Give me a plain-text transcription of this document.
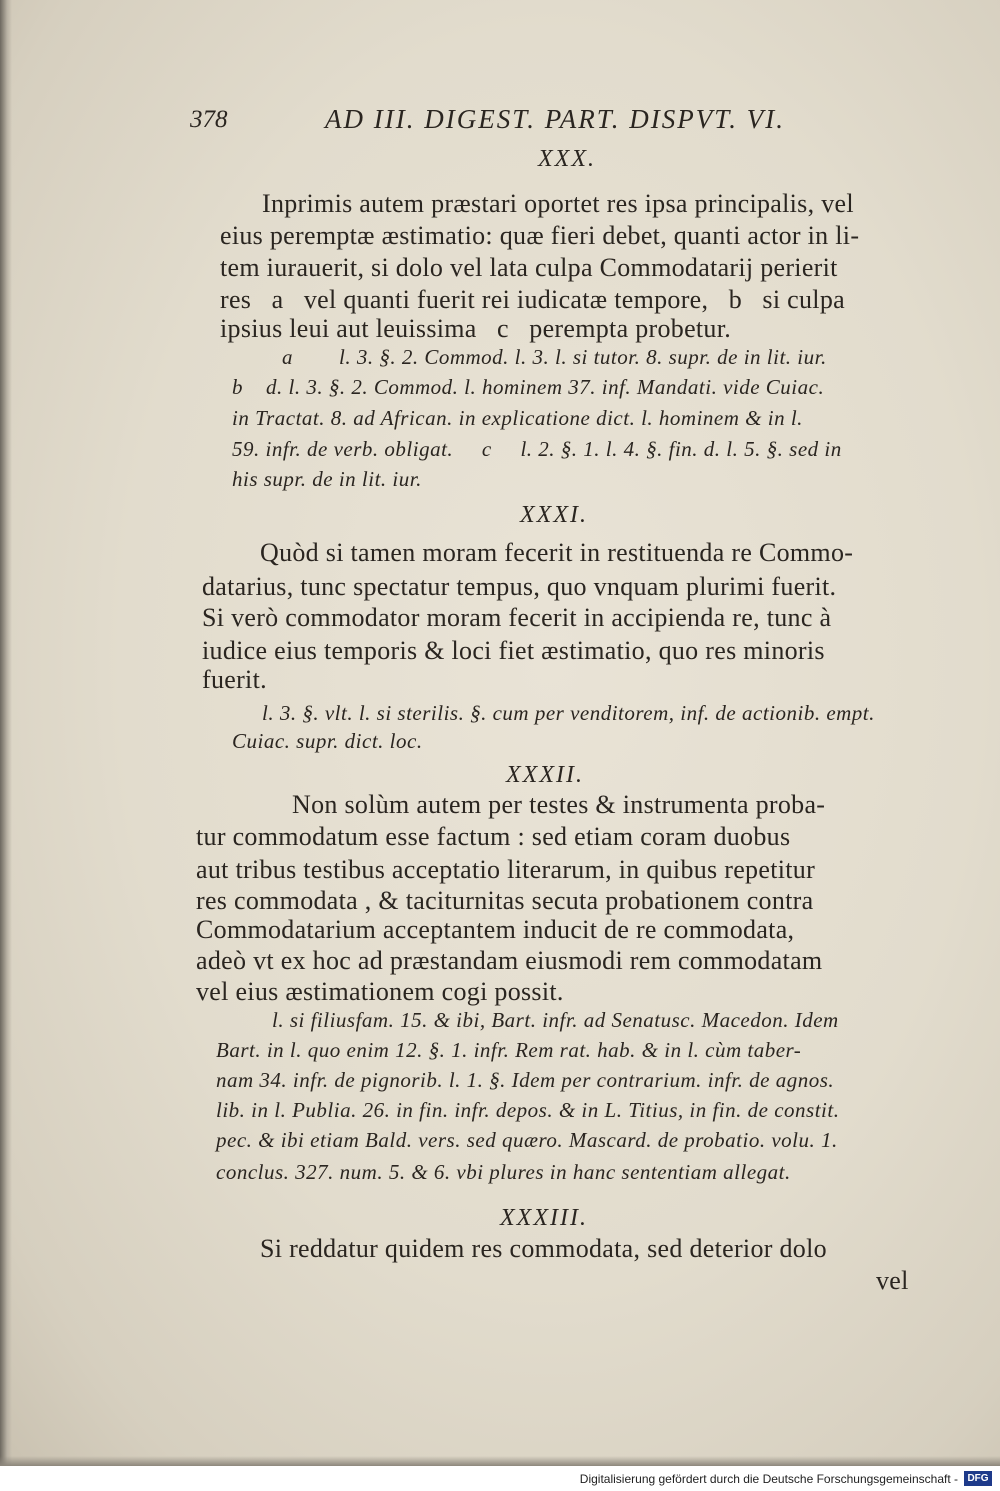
378	AD III. DIGEST. PART. DISPVT. VI.
XXX.
Inprimis autem præstari oportet res ipsa principalis, vel
eius peremptæ æstimatio: quæ fieri debet, quanti actor in li-
tem iurauerit, si dolo vel lata culpa Commodatarij perierit
res   a   vel quanti fuerit rei iudicatæ tempore,   b   si culpa
ipsius leui aut leuissima   c   perempta probetur.
a        l. 3. §. 2. Commod. l. 3. l. si tutor. 8. supr. de in lit. iur.
b    d. l. 3. §. 2. Commod. l. hominem 37. inf. Mandati. vide Cuiac.
in Tractat. 8. ad African. in explicatione dict. l. hominem & in l.
59. infr. de verb. obligat.     c     l. 2. §. 1. l. 4. §. fin. d. l. 5. §. sed in
his supr. de in lit. iur.
XXXI.
Quòd si tamen moram fecerit in restituenda re Commo-
datarius, tunc spectatur tempus, quo vnquam plurimi fuerit.
Si verò commodator moram fecerit in accipienda re, tunc à
iudice eius temporis & loci fiet æstimatio, quo res minoris
fuerit.
l. 3. §. vlt. l. si sterilis. §. cum per venditorem, inf. de actionib. empt.
Cuiac. supr. dict. loc.
XXXII.
Non solùm autem per testes & instrumenta proba-
tur commodatum esse factum : sed etiam coram duobus
aut tribus testibus acceptatio literarum, in quibus repetitur
res commodata , & taciturnitas secuta probationem contra
Commodatarium acceptantem inducit de re commodata,
adeò vt ex hoc ad præstandam eiusmodi rem commodatam
vel eius æstimationem cogi possit.
l. si filiusfam. 15. & ibi, Bart. infr. ad Senatusc. Macedon. Idem
Bart. in l. quo enim 12. §. 1. infr. Rem rat. hab. & in l. cùm taber-
nam 34. infr. de pignorib. l. 1. §. Idem per contrarium. infr. de agnos.
lib. in l. Publia. 26. in fin. infr. depos. & in L. Titius, in fin. de constit.
pec. & ibi etiam Bald. vers. sed quæro. Mascard. de probatio. volu. 1.
conclus. 327. num. 5. & 6. vbi plures in hanc sententiam allegat.
XXXIII.
Si reddatur quidem res commodata, sed deterior dolo
vel
Digitalisierung gefördert durch die Deutsche Forschungsgemeinschaft - DFG
